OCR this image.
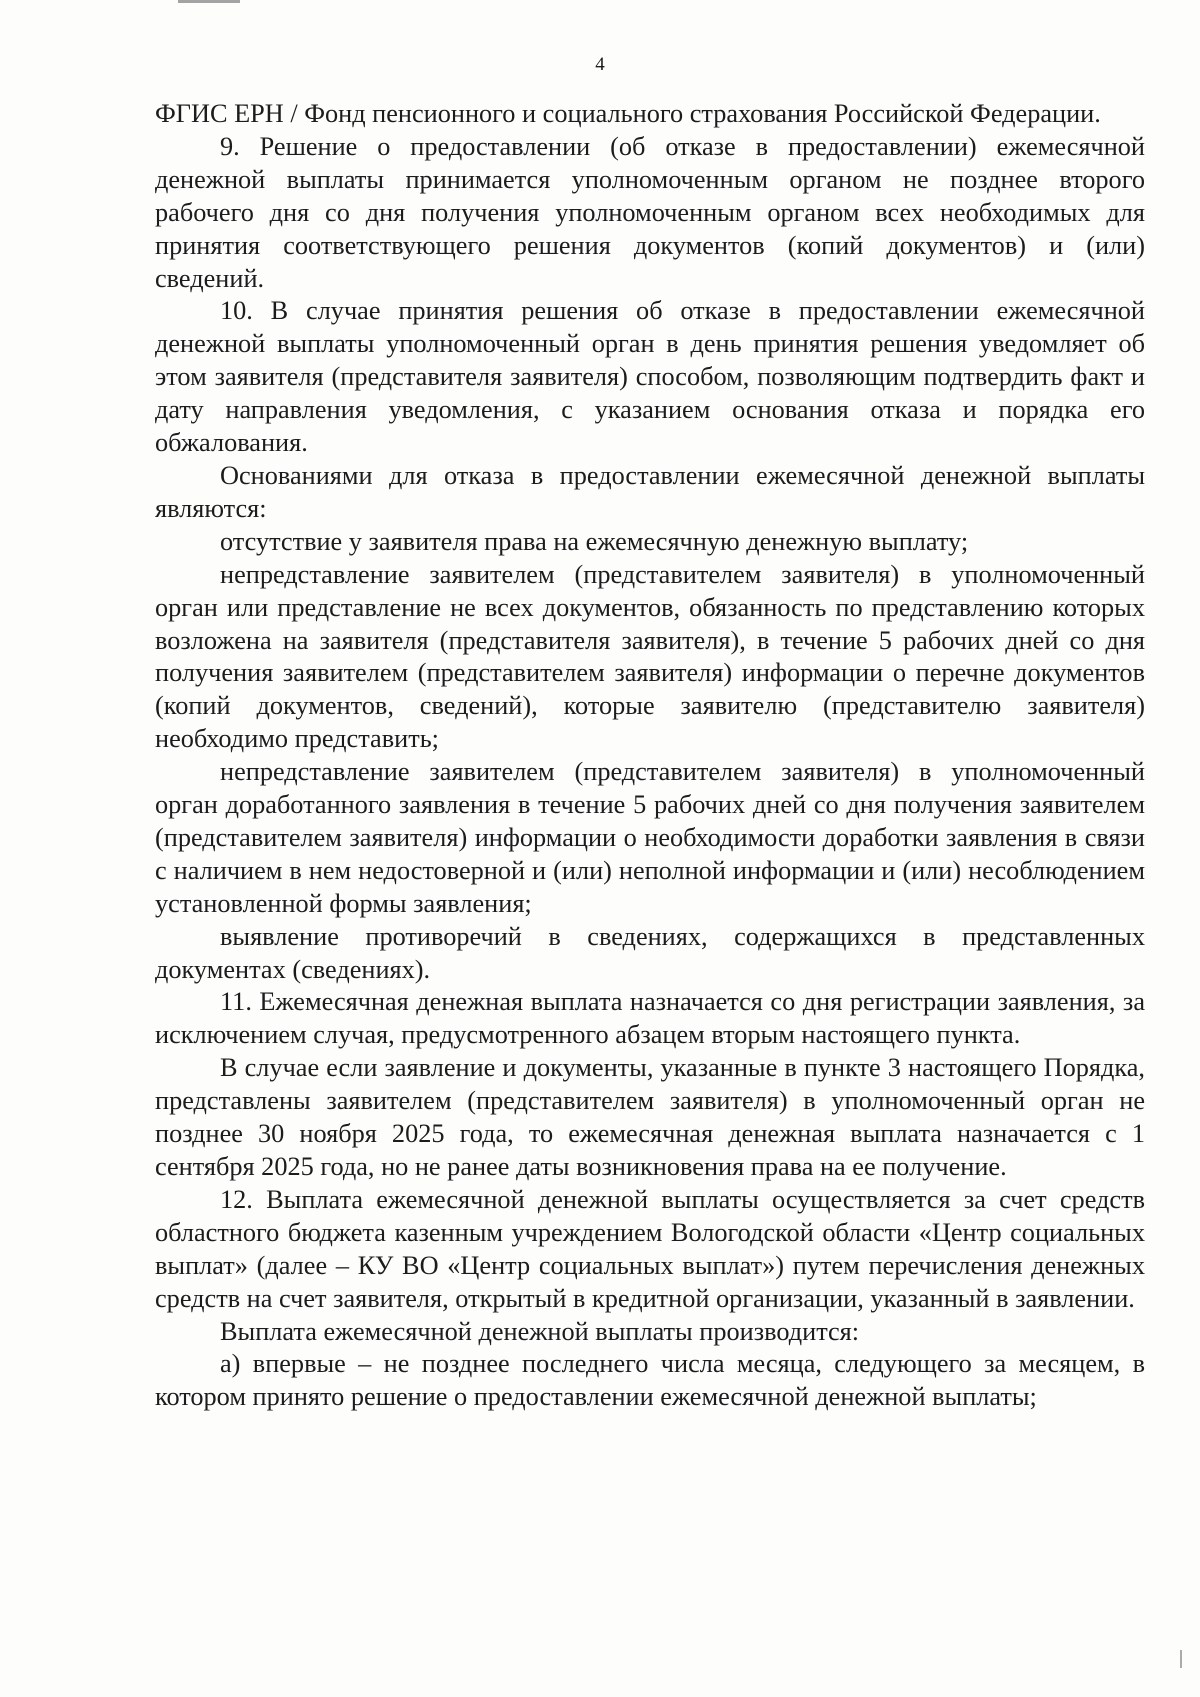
4

ФГИС ЕРН / Фонд пенсионного и социального страхования Российской Федерации.

9. Решение о предоставлении (об отказе в предоставлении) ежемесячной денежной выплаты принимается уполномоченным органом не позднее второго рабочего дня со дня получения уполномоченным органом всех необходимых для принятия соответствующего решения документов (копий документов) и (или) сведений.

10. В случае принятия решения об отказе в предоставлении ежемесячной денежной выплаты уполномоченный орган в день принятия решения уведомляет об этом заявителя (представителя заявителя) способом, позволяющим подтвердить факт и дату направления уведомления, с указанием основания отказа и порядка его обжалования.

Основаниями для отказа в предоставлении ежемесячной денежной выплаты являются:

отсутствие у заявителя права на ежемесячную денежную выплату;

непредставление заявителем (представителем заявителя) в уполномоченный орган или представление не всех документов, обязанность по представлению которых возложена на заявителя (представителя заявителя), в течение 5 рабочих дней со дня получения заявителем (представителем заявителя) информации о перечне документов (копий документов, сведений), которые заявителю (представителю заявителя) необходимо представить;

непредставление заявителем (представителем заявителя) в уполномоченный орган доработанного заявления в течение 5 рабочих дней со дня получения заявителем (представителем заявителя) информации о необходимости доработки заявления в связи с наличием в нем недостоверной и (или) неполной информации и (или) несоблюдением установленной формы заявления;

выявление противоречий в сведениях, содержащихся в представленных документах (сведениях).

11. Ежемесячная денежная выплата назначается со дня регистрации заявления, за исключением случая, предусмотренного абзацем вторым настоящего пункта.

В случае если заявление и документы, указанные в пункте 3 настоящего Порядка, представлены заявителем (представителем заявителя) в уполномоченный орган не позднее 30 ноября 2025 года, то ежемесячная денежная выплата назначается с 1 сентября 2025 года, но не ранее даты возникновения права на ее получение.

12. Выплата ежемесячной денежной выплаты осуществляется за счет средств областного бюджета казенным учреждением Вологодской области «Центр социальных выплат» (далее – КУ ВО «Центр социальных выплат») путем перечисления денежных средств на счет заявителя, открытый в кредитной организации, указанный в заявлении.

Выплата ежемесячной денежной выплаты производится:

а) впервые – не позднее последнего числа месяца, следующего за месяцем, в котором принято решение о предоставлении ежемесячной денежной выплаты;
